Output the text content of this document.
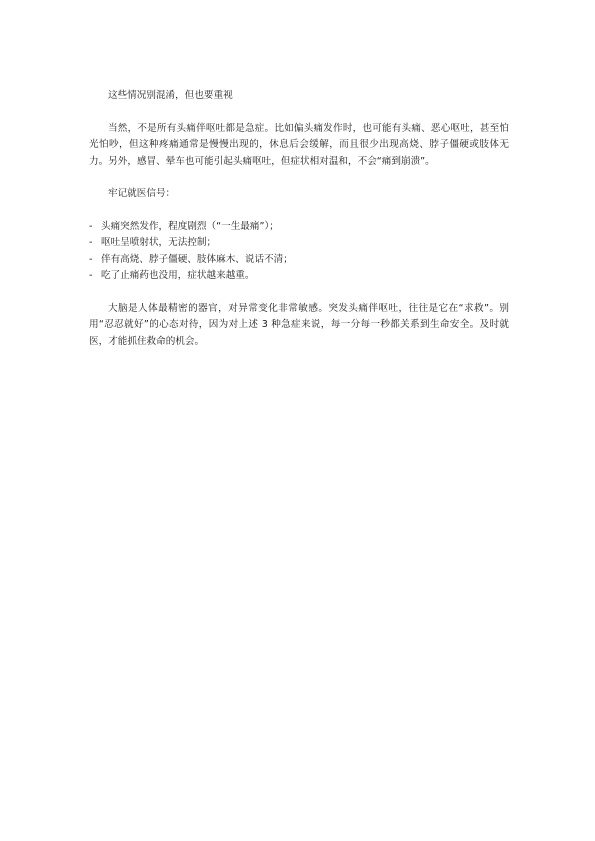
这些情况别混淆，但也要重视

当然，不是所有头痛伴呕吐都是急症。比如偏头痛发作时，也可能有头痛、恶心呕吐，甚至怕光怕吵，但这种疼痛通常是慢慢出现的，休息后会缓解，而且很少出现高烧、脖子僵硬或肢体无力。另外，感冒、晕车也可能引起头痛呕吐，但症状相对温和，不会“痛到崩溃”。

牢记就医信号：

- 头痛突然发作，程度剧烈（“一生最痛”）；
- 呕吐呈喷射状，无法控制；
- 伴有高烧、脖子僵硬、肢体麻木、说话不清；
- 吃了止痛药也没用，症状越来越重。

大脑是人体最精密的器官，对异常变化非常敏感。突发头痛伴呕吐，往往是它在“求救”。别用“忍忍就好”的心态对待，因为对上述 3 种急症来说，每一分每一秒都关系到生命安全。及时就医，才能抓住救命的机会。
